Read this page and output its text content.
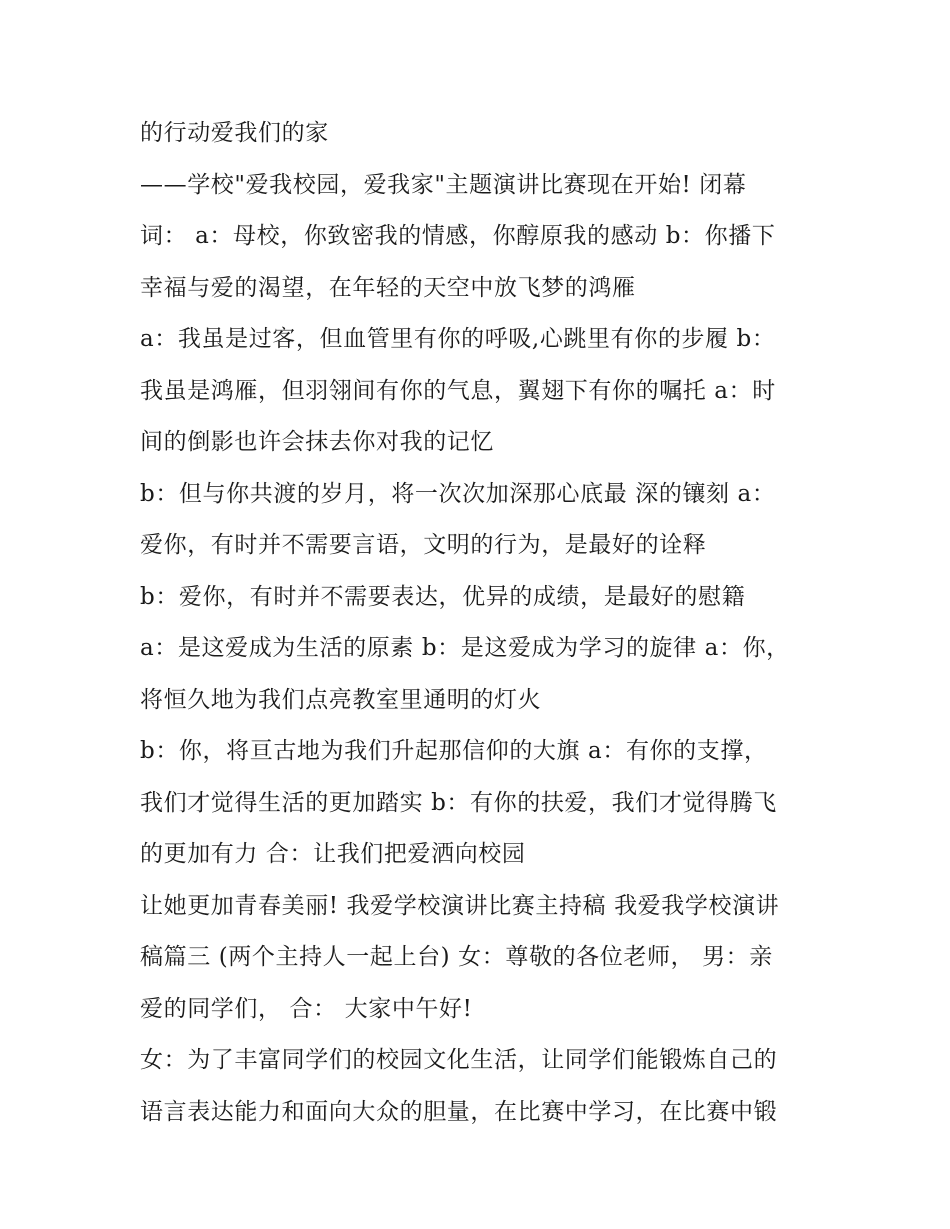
的行动爱我们的家
——学校"爱我校园，爱我家"主题演讲比赛现在开始! 闭幕
词： a：母校，你致密我的情感，你醇原我的感动 b：你播下
幸福与爱的渴望，在年轻的天空中放飞梦的鸿雁
a：我虽是过客，但血管里有你的呼吸,心跳里有你的步履 b：
我虽是鸿雁，但羽翎间有你的气息，翼翅下有你的嘱托 a：时
间的倒影也许会抹去你对我的记忆
b：但与你共渡的岁月，将一次次加深那心底最 深的镶刻 a：
爱你，有时并不需要言语，文明的行为，是最好的诠释
b：爱你，有时并不需要表达，优异的成绩，是最好的慰籍
a：是这爱成为生活的原素 b：是这爱成为学习的旋律 a：你，
将恒久地为我们点亮教室里通明的灯火
b：你，将亘古地为我们升起那信仰的大旗 a：有你的支撑，
我们才觉得生活的更加踏实 b：有你的扶爱，我们才觉得腾飞
的更加有力 合：让我们把爱洒向校园
让她更加青春美丽! 我爱学校演讲比赛主持稿 我爱我学校演讲
稿篇三 (两个主持人一起上台) 女：尊敬的各位老师， 男：亲
爱的同学们， 合： 大家中午好!
女：为了丰富同学们的校园文化生活，让同学们能锻炼自己的
语言表达能力和面向大众的胆量，在比赛中学习，在比赛中锻
